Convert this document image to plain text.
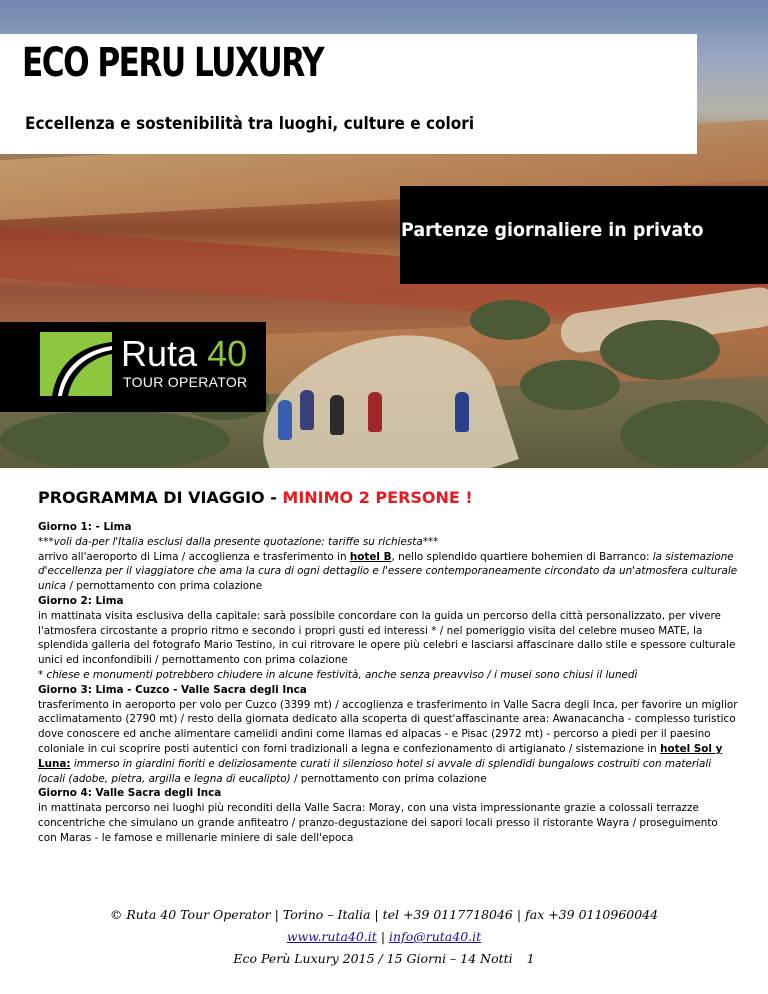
ECO PERU LUXURY
Eccellenza e sostenibilità tra luoghi, culture e colori

Partenze giornaliere in privato

Ruta 40

TOUR OPERATOR

PROGRAMMA DI VIAGGIO - MINIMO 2 PERSONE !

Giorno 1: - Lima

***voli da-per l'Italia esclusi dalla presente quotazione: tariffe su richiesta***

arrivo all'aeroporto di Lima / accoglienza e trasferimento in hotel B, nello splendido quartiere bohemien di Barranco: la sistemazione d'eccellenza per il viaggiatore che ama la cura di ogni dettaglio e l'essere contemporaneamente circondato da un'atmosfera culturale unica / pernottamento con prima colazione

Giorno 2: Lima

in mattinata visita esclusiva della capitale: sarà possibile concordare con la guida un percorso della città personalizzato, per vivere l'atmosfera circostante a proprio ritmo e secondo i propri gusti ed interessi * / nel pomeriggio visita del celebre museo MATE, la splendida galleria del fotografo Mario Testino, in cui ritrovare le opere più celebri e lasciarsi affascinare dallo stile e spessore culturale unici ed inconfondibili / pernottamento con prima colazione

* chiese e monumenti potrebbero chiudere in alcune festività, anche senza preavviso / i musei sono chiusi il lunedì

Giorno 3: Lima - Cuzco - Valle Sacra degli Inca

trasferimento in aeroporto per volo per Cuzco (3399 mt) / accoglienza e trasferimento in Valle Sacra degli Inca, per favorire un miglior acclimatamento (2790 mt) / resto della giornata dedicato alla scoperta di quest'affascinante area: Awanacancha - complesso turistico dove conoscere ed anche alimentare camelidi andini come llamas ed alpacas - e Pisac (2972 mt) - percorso a piedi per il paesino coloniale in cui scoprire posti autentici con forni tradizionali a legna e confezionamento di artigianato / sistemazione in hotel Sol y Luna: immerso in giardini fioriti e deliziosamente curati il silenzioso hotel si avvale di splendidi bungalows costruiti con materiali locali (adobe, pietra, argilla e legna di eucalipto) / pernottamento con prima colazione

Giorno 4: Valle Sacra degli Inca

in mattinata percorso nei luoghi più reconditi della Valle Sacra: Moray, con una vista impressionante grazie a colossali terrazze concentriche che simulano un grande anfiteatro / pranzo-degustazione dei sapori locali presso il ristorante Wayra / proseguimento con Maras - le famose e millenarie miniere di sale dell'epoca

© Ruta 40 Tour Operator | Torino – Italia | tel +39 0117718046 | fax +39 0110960044

www.ruta40.it | info@ruta40.it

Eco Perù Luxury 2015 / 15 Giorni – 14 Notti 1
